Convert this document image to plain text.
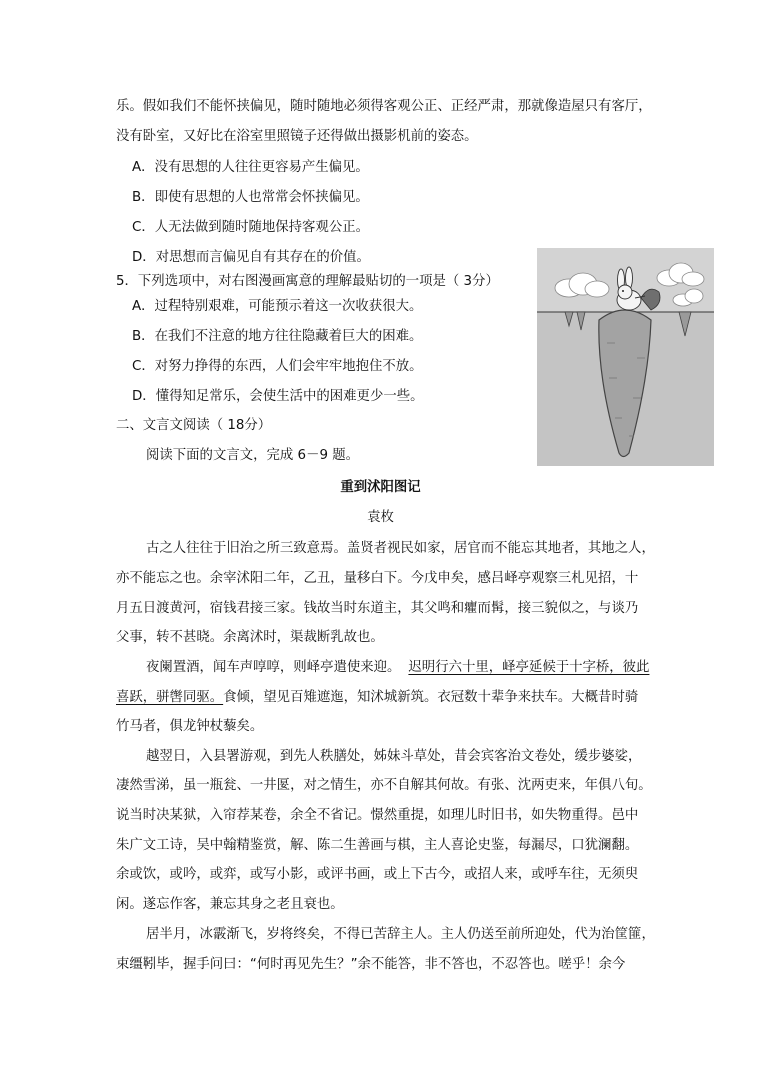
乐。假如我们不能怀挟偏见，随时随地必须得客观公正、正经严肃，那就像造屋只有客厅，
没有卧室，又好比在浴室里照镜子还得做出摄影机前的姿态。
A．没有思想的人往往更容易产生偏见。
B．即使有思想的人也常常会怀挟偏见。
C．人无法做到随时随地保持客观公正。
D．对思想而言偏见自有其存在的价值。
5．下列选项中，对右图漫画寓意的理解最贴切的一项是（ 3分）
A．过程特别艰难，可能预示着这一次收获很大。
B．在我们不注意的地方往往隐藏着巨大的困难。
C．对努力挣得的东西，人们会牢牢地抱住不放。
D．懂得知足常乐，会使生活中的困难更少一些。
二、文言文阅读（ 18分）
阅读下面的文言文，完成 6－9 题。
重到沭阳图记
袁枚
古之人往往于旧治之所三致意焉。盖贤者视民如家，居官而不能忘其地者，其地之人，
亦不能忘之也。余宰沭阳二年，乙丑，量移白下。今戊申矣，感吕峄亭观察三札见招，十
月五日渡黄河，宿钱君接三家。钱故当时东道主，其父鸣和癯而髯，接三貌似之，与谈乃
父事，转不甚晓。余离沭时，渠裁断乳故也。
夜阑置酒，闻车声啍啍，则峄亭遣使来迎。 迟明行六十里，峄亭延候于十字桥，彼此
喜跃，骈辔同驱。食倾，望见百雉遮迤，知沭城新筑。衣冠数十辈争来扶车。大概昔时骑
竹马者，俱龙钟杖藜矣。
越翌日，入县署游观，到先人秩膳处，姊妹斗草处，昔会宾客治文卷处，缓步婆娑，
凄然雪涕，虽一瓶瓮、一井匽，对之情生，亦不自解其何故。有张、沈两吏来，年俱八旬。
说当时决某狱，入帘荐某卷，余全不省记。憬然重提，如理儿时旧书，如失物重得。邑中
朱广文工诗，吴中翰精鉴赏，解、陈二生善画与棋，主人喜论史鉴，每漏尽，口犹澜翻。
余或饮，或吟，或弈，或写小影，或评书画，或上下古今，或招人来，或呼车往，无须臾
闲。遂忘作客，兼忘其身之老且衰也。
居半月，冰霰渐飞，岁将终矣，不得已苦辞主人。主人仍送至前所迎处，代为治筐篚，
束缰靷毕，握手问曰：“何时再见先生？”余不能答，非不答也，不忍答也。嗟乎！余今
